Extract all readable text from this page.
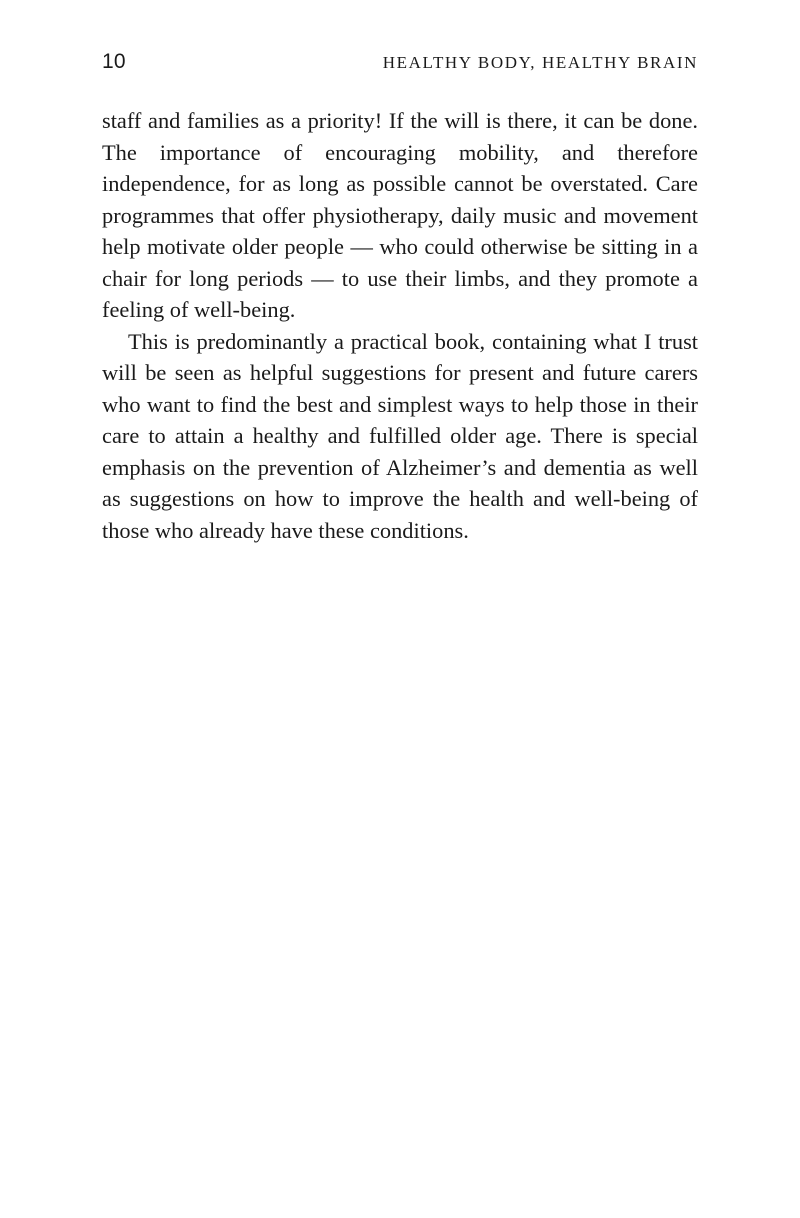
10	HEALTHY BODY, HEALTHY BRAIN

staff and families as a priority! If the will is there, it can be done. The importance of encouraging mobility, and therefore independence, for as long as possible cannot be overstated. Care programmes that offer physiotherapy, daily music and movement help motivate older people — who could otherwise be sitting in a chair for long periods — to use their limbs, and they promote a feeling of well-being.

This is predominantly a practical book, containing what I trust will be seen as helpful suggestions for present and future carers who want to find the best and simplest ways to help those in their care to attain a healthy and fulfilled older age. There is special emphasis on the prevention of Alzheimer’s and dementia as well as suggestions on how to improve the health and well-being of those who already have these conditions.
